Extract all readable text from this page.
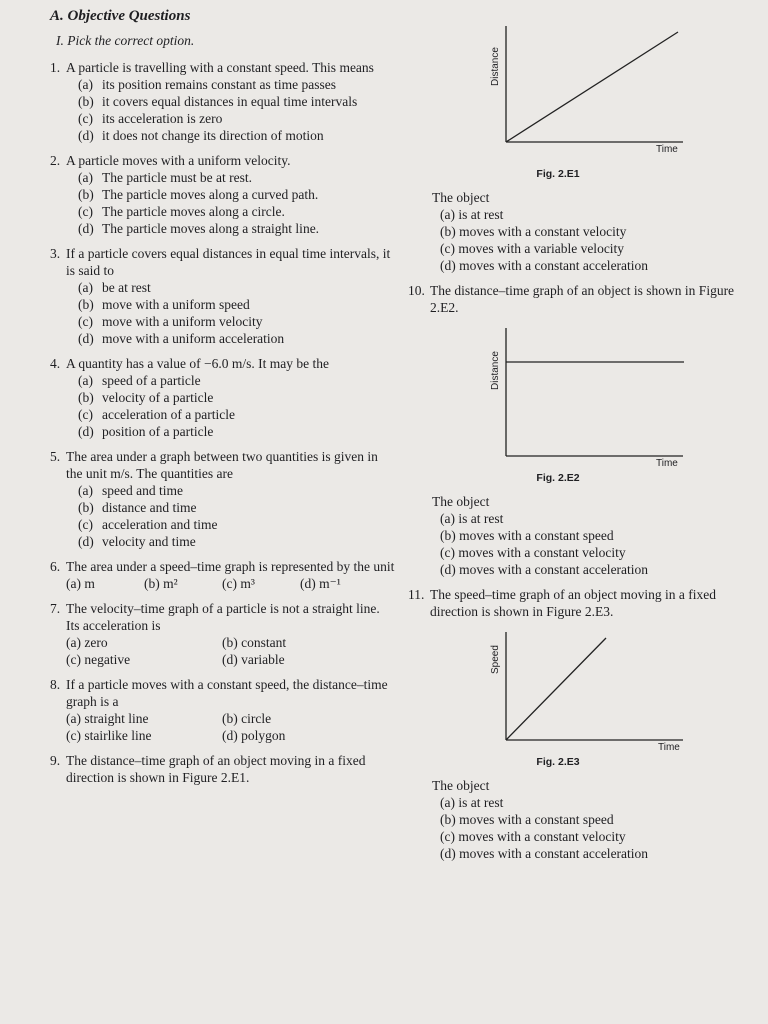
A. Objective Questions
I. Pick the correct option.
1. A particle is travelling with a constant speed. This means
(a) its position remains constant as time passes
(b) it covers equal distances in equal time intervals
(c) its acceleration is zero
(d) it does not change its direction of motion
2. A particle moves with a uniform velocity.
(a) The particle must be at rest.
(b) The particle moves along a curved path.
(c) The particle moves along a circle.
(d) The particle moves along a straight line.
3. If a particle covers equal distances in equal time intervals, it is said to
(a) be at rest
(b) move with a uniform speed
(c) move with a uniform velocity
(d) move with a uniform acceleration
4. A quantity has a value of −6.0 m/s. It may be the
(a) speed of a particle
(b) velocity of a particle
(c) acceleration of a particle
(d) position of a particle
5. The area under a graph between two quantities is given in the unit m/s. The quantities are
(a) speed and time
(b) distance and time
(c) acceleration and time
(d) velocity and time
6. The area under a speed–time graph is represented by the unit
(a) m	(b) m²	(c) m³	(d) m⁻¹
7. The velocity–time graph of a particle is not a straight line. Its acceleration is
(a) zero	(b) constant
(c) negative	(d) variable
8. If a particle moves with a constant speed, the distance–time graph is a
(a) straight line	(b) circle
(c) stairlike line	(d) polygon
9. The distance–time graph of an object moving in a fixed direction is shown in Figure 2.E1.
Distance
Time
Fig. 2.E1
The object
(a) is at rest
(b) moves with a constant velocity
(c) moves with a variable velocity
(d) moves with a constant acceleration
10. The distance–time graph of an object is shown in Figure 2.E2.
Distance
Time
Fig. 2.E2
The object
(a) is at rest
(b) moves with a constant speed
(c) moves with a constant velocity
(d) moves with a constant acceleration
11. The speed–time graph of an object moving in a fixed direction is shown in Figure 2.E3.
Speed
Time
Fig. 2.E3
The object
(a) is at rest
(b) moves with a constant speed
(c) moves with a constant velocity
(d) moves with a constant acceleration
